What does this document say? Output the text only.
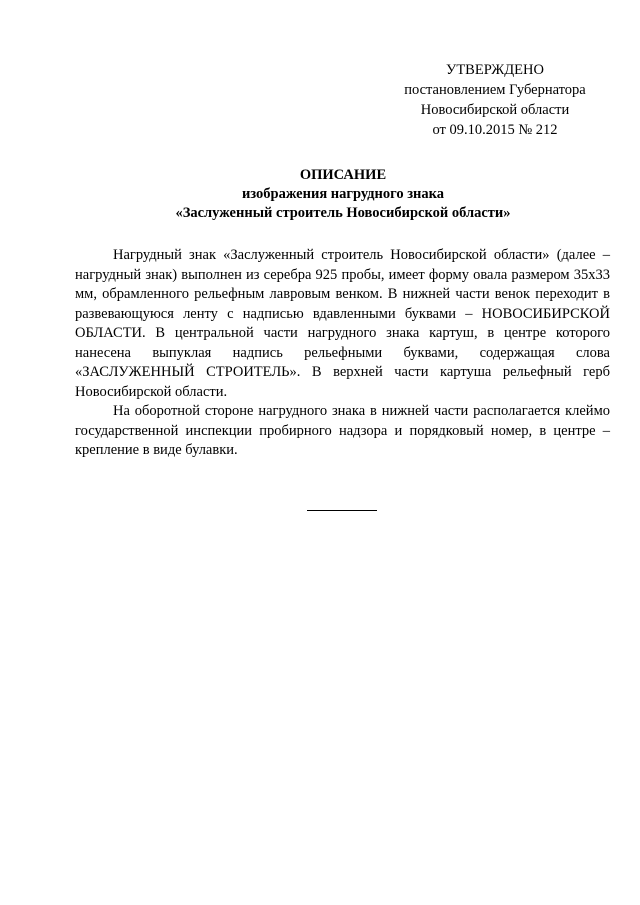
УТВЕРЖДЕНО
постановлением Губернатора
Новосибирской области
от 09.10.2015 № 212
ОПИСАНИЕ
изображения нагрудного знака
«Заслуженный строитель Новосибирской области»

Нагрудный знак «Заслуженный строитель Новосибирской области» (далее – нагрудный знак) выполнен из серебра 925 пробы, имеет форму овала размером 35х33 мм, обрамленного рельефным лавровым венком. В нижней части венок переходит в развевающуюся ленту с надписью вдавленными буквами – НОВОСИБИРСКОЙ ОБЛАСТИ. В центральной части нагрудного знака картуш, в центре которого нанесена выпуклая надпись рельефными буквами, содержащая слова «ЗАСЛУЖЕННЫЙ СТРОИТЕЛЬ». В верхней части картуша рельефный герб Новосибирской области.

На оборотной стороне нагрудного знака в нижней части располагается клеймо государственной инспекции пробирного надзора и порядковый номер, в центре – крепление в виде булавки.
